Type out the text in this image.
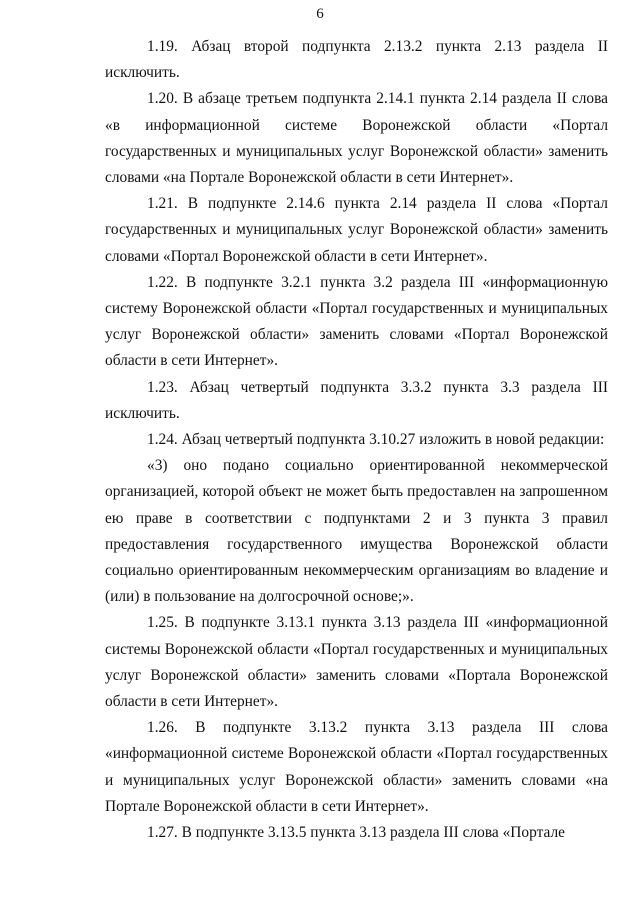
6

1.19. Абзац второй подпункта 2.13.2 пункта 2.13 раздела II исключить.

1.20. В абзаце третьем подпункта 2.14.1 пункта 2.14 раздела II слова «в информационной системе Воронежской области «Портал государственных и муниципальных услуг Воронежской области» заменить словами «на Портале Воронежской области в сети Интернет».

1.21. В подпункте 2.14.6 пункта 2.14 раздела II слова «Портал государственных и муниципальных услуг Воронежской области» заменить словами «Портал Воронежской области в сети Интернет».

1.22. В подпункте 3.2.1 пункта 3.2 раздела III «информационную систему Воронежской области «Портал государственных и муниципальных услуг Воронежской области» заменить словами «Портал Воронежской области в сети Интернет».

1.23. Абзац четвертый подпункта 3.3.2 пункта 3.3 раздела III исключить.

1.24. Абзац четвертый подпункта 3.10.27 изложить в новой редакции:

«3) оно подано социально ориентированной некоммерческой организацией, которой объект не может быть предоставлен на запрошенном ею праве в соответствии с подпунктами 2 и 3 пункта 3 правил предоставления государственного имущества Воронежской области социально ориентированным некоммерческим организациям во владение и (или) в пользование на долгосрочной основе;».

1.25. В подпункте 3.13.1 пункта 3.13 раздела III «информационной системы Воронежской области «Портал государственных и муниципальных услуг Воронежской области» заменить словами «Портала Воронежской области в сети Интернет».

1.26. В подпункте 3.13.2 пункта 3.13 раздела III слова «информационной системе Воронежской области «Портал государственных и муниципальных услуг Воронежской области» заменить словами «на Портале Воронежской области в сети Интернет».

1.27. В подпункте 3.13.5 пункта 3.13 раздела III слова «Портале
